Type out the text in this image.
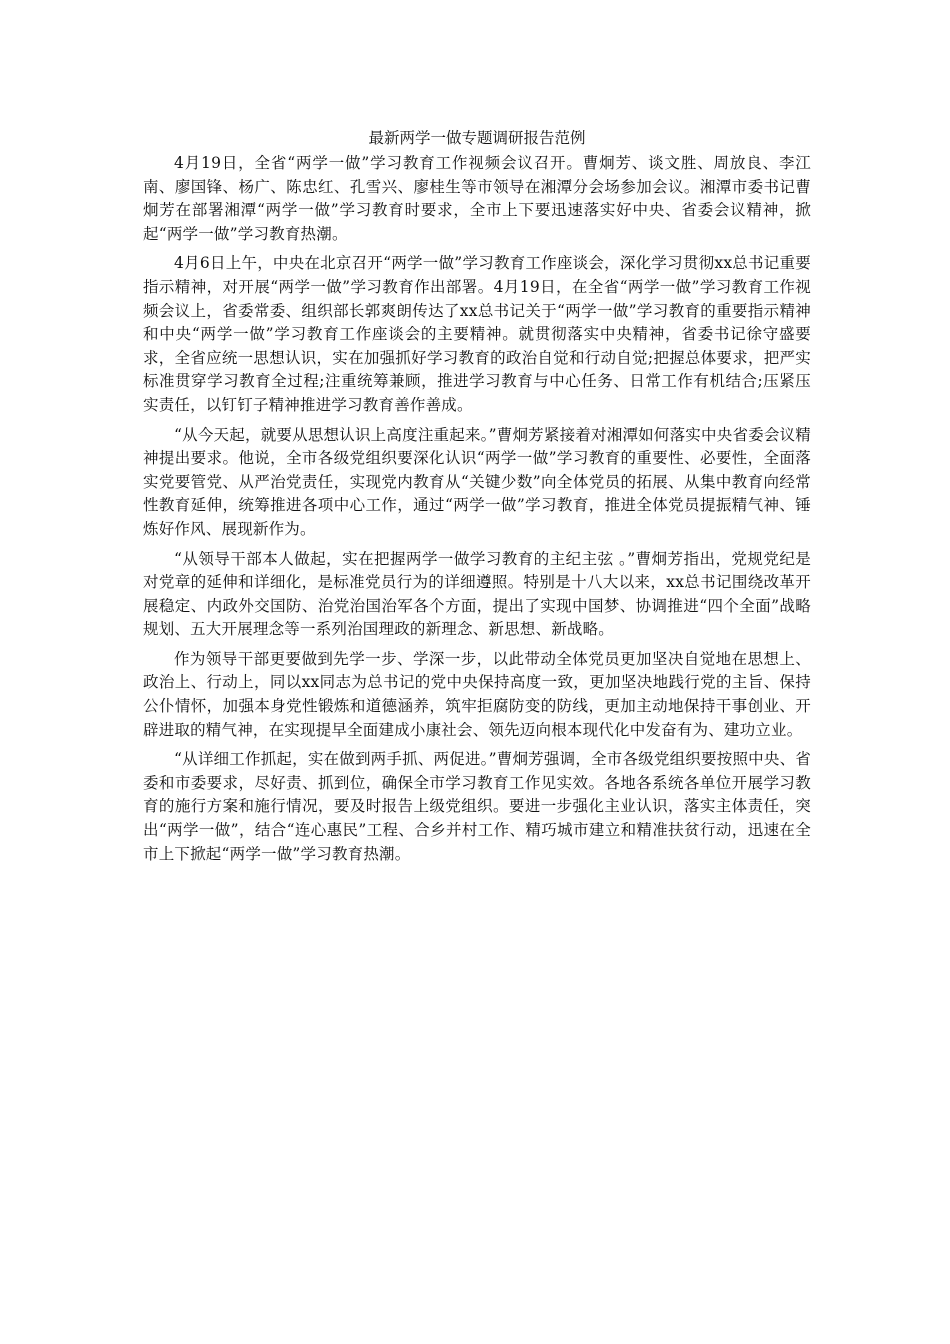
最新两学一做专题调研报告范例

4月19日，全省“两学一做”学习教育工作视频会议召开。曹炯芳、谈文胜、周放良、李江南、廖国锋、杨广、陈忠红、孔雪兴、廖桂生等市领导在湘潭分会场参加会议。湘潭市委书记曹炯芳在部署湘潭“两学一做”学习教育时要求，全市上下要迅速落实好中央、省委会议精神，掀起“两学一做”学习教育热潮。

4月6日上午，中央在北京召开“两学一做”学习教育工作座谈会，深化学习贯彻xx总书记重要指示精神，对开展“两学一做”学习教育作出部署。4月19日，在全省“两学一做”学习教育工作视频会议上，省委常委、组织部长郭爽朗传达了xx总书记关于“两学一做”学习教育的重要指示精神和中央“两学一做”学习教育工作座谈会的主要精神。就贯彻落实中央精神，省委书记徐守盛要求，全省应统一思想认识，实在加强抓好学习教育的政治自觉和行动自觉;把握总体要求，把严实标准贯穿学习教育全过程;注重统筹兼顾，推进学习教育与中心任务、日常工作有机结合;压紧压实责任，以钉钉子精神推进学习教育善作善成。

“从今天起，就要从思想认识上高度注重起来。”曹炯芳紧接着对湘潭如何落实中央省委会议精神提出要求。他说，全市各级党组织要深化认识“两学一做”学习教育的重要性、必要性，全面落实党要管党、从严治党责任，实现党内教育从“关键少数”向全体党员的拓展、从集中教育向经常性教育延伸，统筹推进各项中心工作，通过“两学一做”学习教育，推进全体党员提振精气神、锤炼好作风、展现新作为。

“从领导干部本人做起，实在把握两学一做学习教育的主纪主弦 。”曹炯芳指出，党规党纪是对党章的延伸和详细化，是标准党员行为的详细遵照。特别是十八大以来，xx总书记围绕改革开展稳定、内政外交国防、治党治国治军各个方面，提出了实现中国梦、协调推进“四个全面”战略规划、五大开展理念等一系列治国理政的新理念、新思想、新战略。

作为领导干部更要做到先学一步、学深一步，以此带动全体党员更加坚决自觉地在思想上、政治上、行动上，同以xx同志为总书记的党中央保持高度一致，更加坚决地践行党的主旨、保持公仆情怀，加强本身党性锻炼和道德涵养，筑牢拒腐防变的防线，更加主动地保持干事创业、开辟进取的精气神，在实现提早全面建成小康社会、领先迈向根本现代化中发奋有为、建功立业。

“从详细工作抓起，实在做到两手抓、两促进。”曹炯芳强调，全市各级党组织要按照中央、省委和市委要求，尽好责、抓到位，确保全市学习教育工作见实效。各地各系统各单位开展学习教育的施行方案和施行情况，要及时报告上级党组织。要进一步强化主业认识，落实主体责任，突出“两学一做”，结合“连心惠民”工程、合乡并村工作、精巧城市建立和精准扶贫行动，迅速在全市上下掀起“两学一做”学习教育热潮。
